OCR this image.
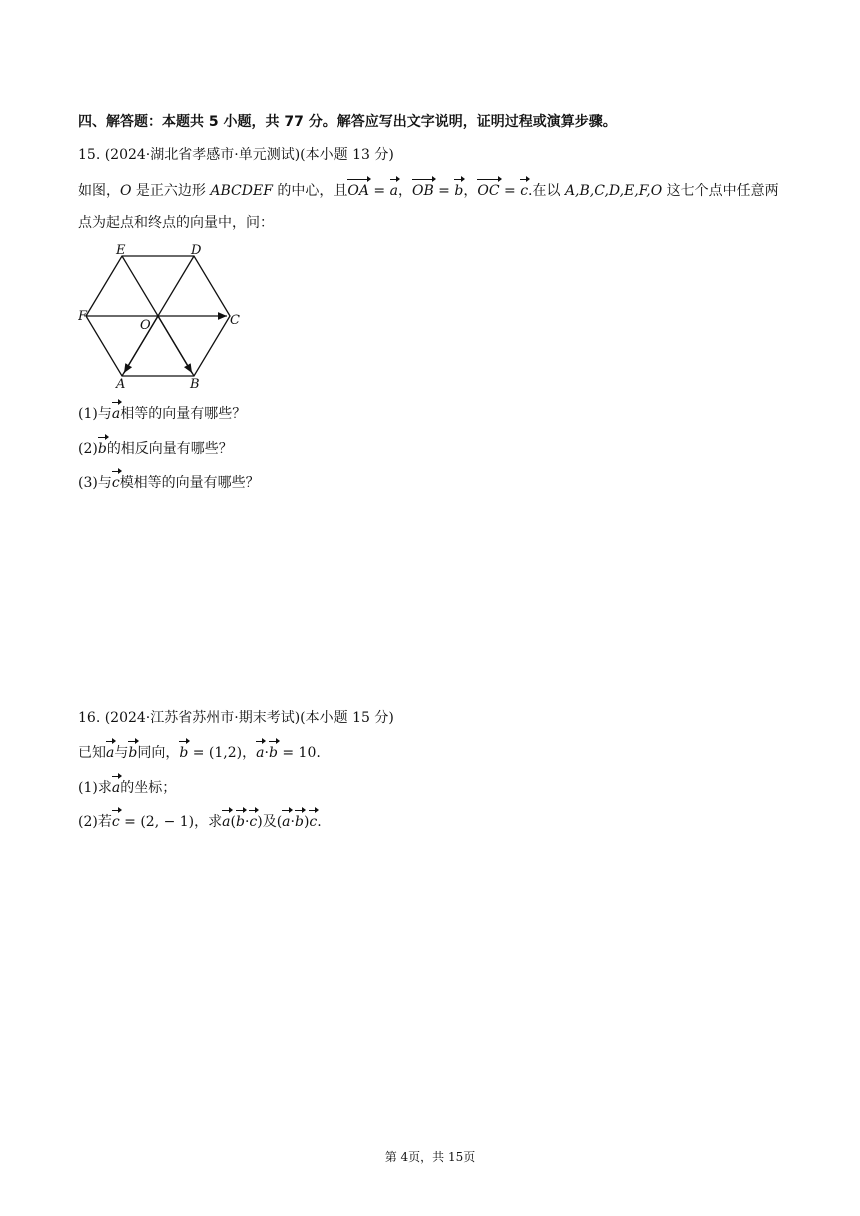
四、解答题：本题共 5 小题，共 77 分。解答应写出文字说明，证明过程或演算步骤。
15. (2024·湖北省孝感市·单元测试)(本小题 13 分)
如图，O 是正六边形 ABCDEF 的中心，且OA = a，OB = b，OC = c.在以 A,B,C,D,E,F,O 这七个点中任意两
点为起点和终点的向量中，问：
E	D
F
O	C
A	B
(1)与a相等的向量有哪些？
(2)b的相反向量有哪些？
(3)与c模相等的向量有哪些？
16. (2024·江苏省苏州市·期末考试)(本小题 15 分)
已知a与b同向，b = (1,2)，a·b = 10.
(1)求a的坐标；
(2)若c = (2, − 1)，求a(b·c)及(a·b)c.
第 4页，共 15页
